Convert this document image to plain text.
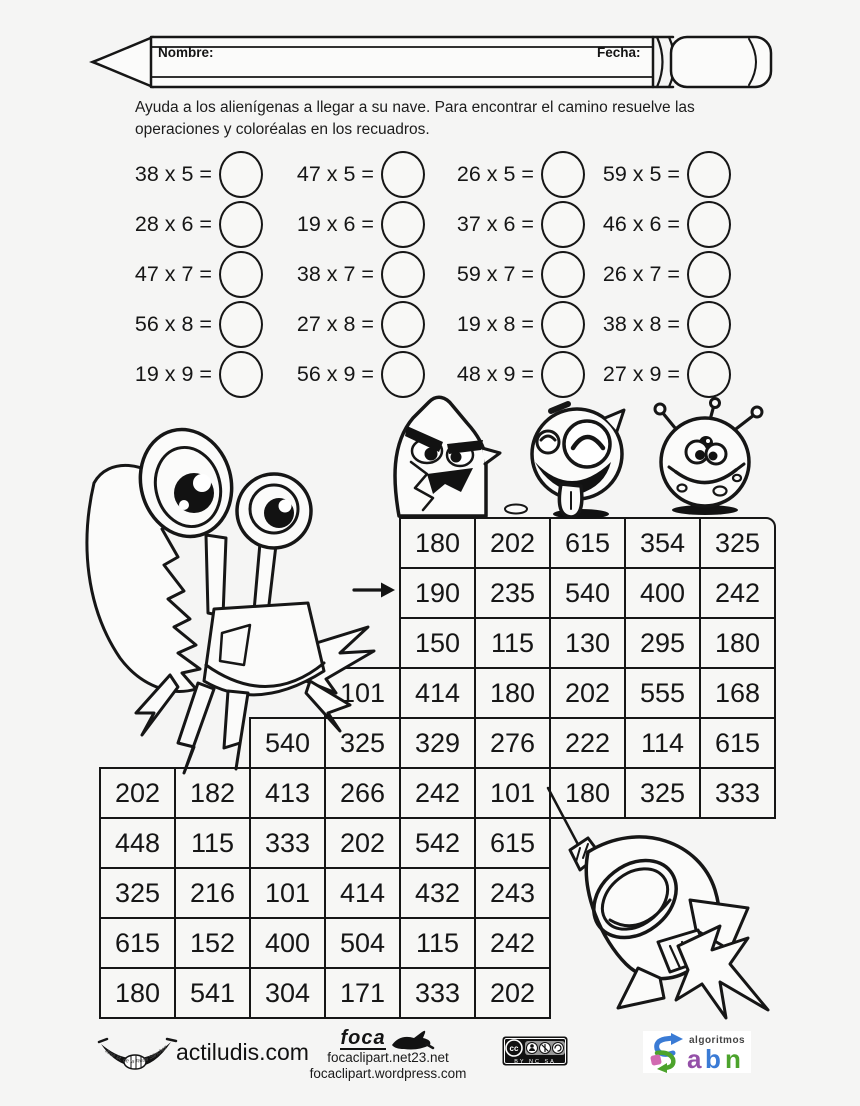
Nombre:	Fecha:
Ayuda a los alienígenas a llegar a su nave. Para encontrar el camino resuelve las operaciones y coloréalas en los recuadros.
38 x 5 =	47 x 5 =	26 x 5 =	59 x 5 =
28 x 6 =	19 x 6 =	37 x 6 =	46 x 6 =
47 x 7 =	38 x 7 =	59 x 7 =	26 x 7 =
56 x 8 =	27 x 8 =	19 x 8 =	38 x 8 =
19 x 9 =	56 x 9 =	48 x 9 =	27 x 9 =
180	202	615	354	325
190	235	540	400	242
150	115	130	295	180
101	414	180	202	555	168
540	325	329	276	222	114	615
202	182	413	266	242	101	180	325	333
448	115	333	202	542	615
325	216	101	414	432	243
615	152	400	504	115	242
180	541	304	171	333	202
José M. de la Rosa Sánchez actiludis.com
foca
focaclipart.net23.net
focaclipart.wordpress.com
cc
BY NC SA
algoritmos
a b n
